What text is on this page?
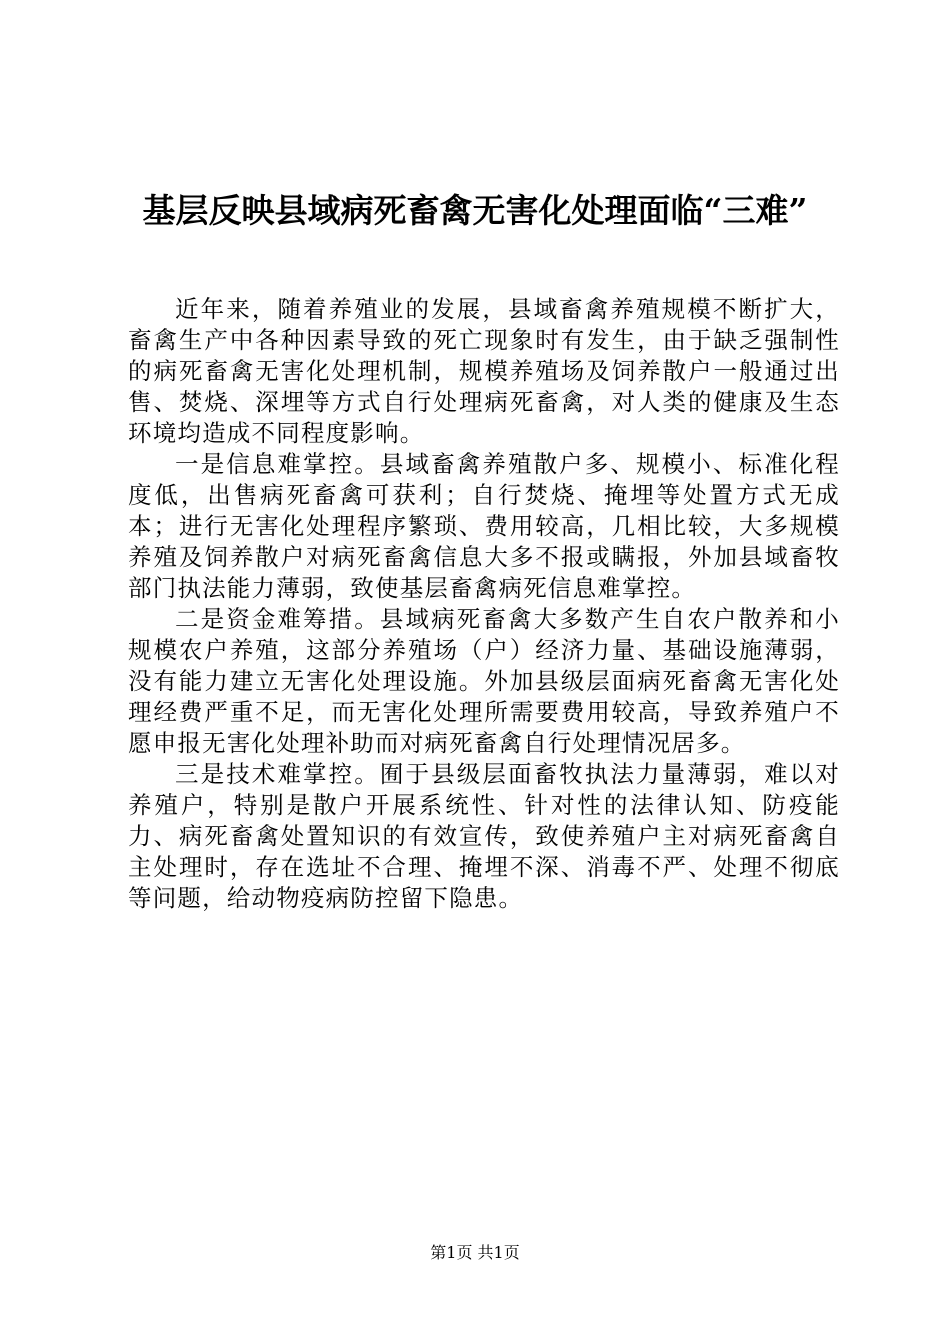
基层反映县域病死畜禽无害化处理面临“三难”

近年来，随着养殖业的发展，县域畜禽养殖规模不断扩大，畜禽生产中各种因素导致的死亡现象时有发生，由于缺乏强制性的病死畜禽无害化处理机制，规模养殖场及饲养散户一般通过出售、焚烧、深埋等方式自行处理病死畜禽，对人类的健康及生态环境均造成不同程度影响。

一是信息难掌控。县域畜禽养殖散户多、规模小、标准化程度低，出售病死畜禽可获利；自行焚烧、掩埋等处置方式无成本；进行无害化处理程序繁琐、费用较高，几相比较，大多规模养殖及饲养散户对病死畜禽信息大多不报或瞒报，外加县域畜牧部门执法能力薄弱，致使基层畜禽病死信息难掌控。

二是资金难筹措。县域病死畜禽大多数产生自农户散养和小规模农户养殖，这部分养殖场（户）经济力量、基础设施薄弱，没有能力建立无害化处理设施。外加县级层面病死畜禽无害化处理经费严重不足，而无害化处理所需要费用较高，导致养殖户不愿申报无害化处理补助而对病死畜禽自行处理情况居多。

三是技术难掌控。囿于县级层面畜牧执法力量薄弱，难以对养殖户，特别是散户开展系统性、针对性的法律认知、防疫能力、病死畜禽处置知识的有效宣传，致使养殖户主对病死畜禽自主处理时，存在选址不合理、掩埋不深、消毒不严、处理不彻底等问题，给动物疫病防控留下隐患。

第1页 共1页
